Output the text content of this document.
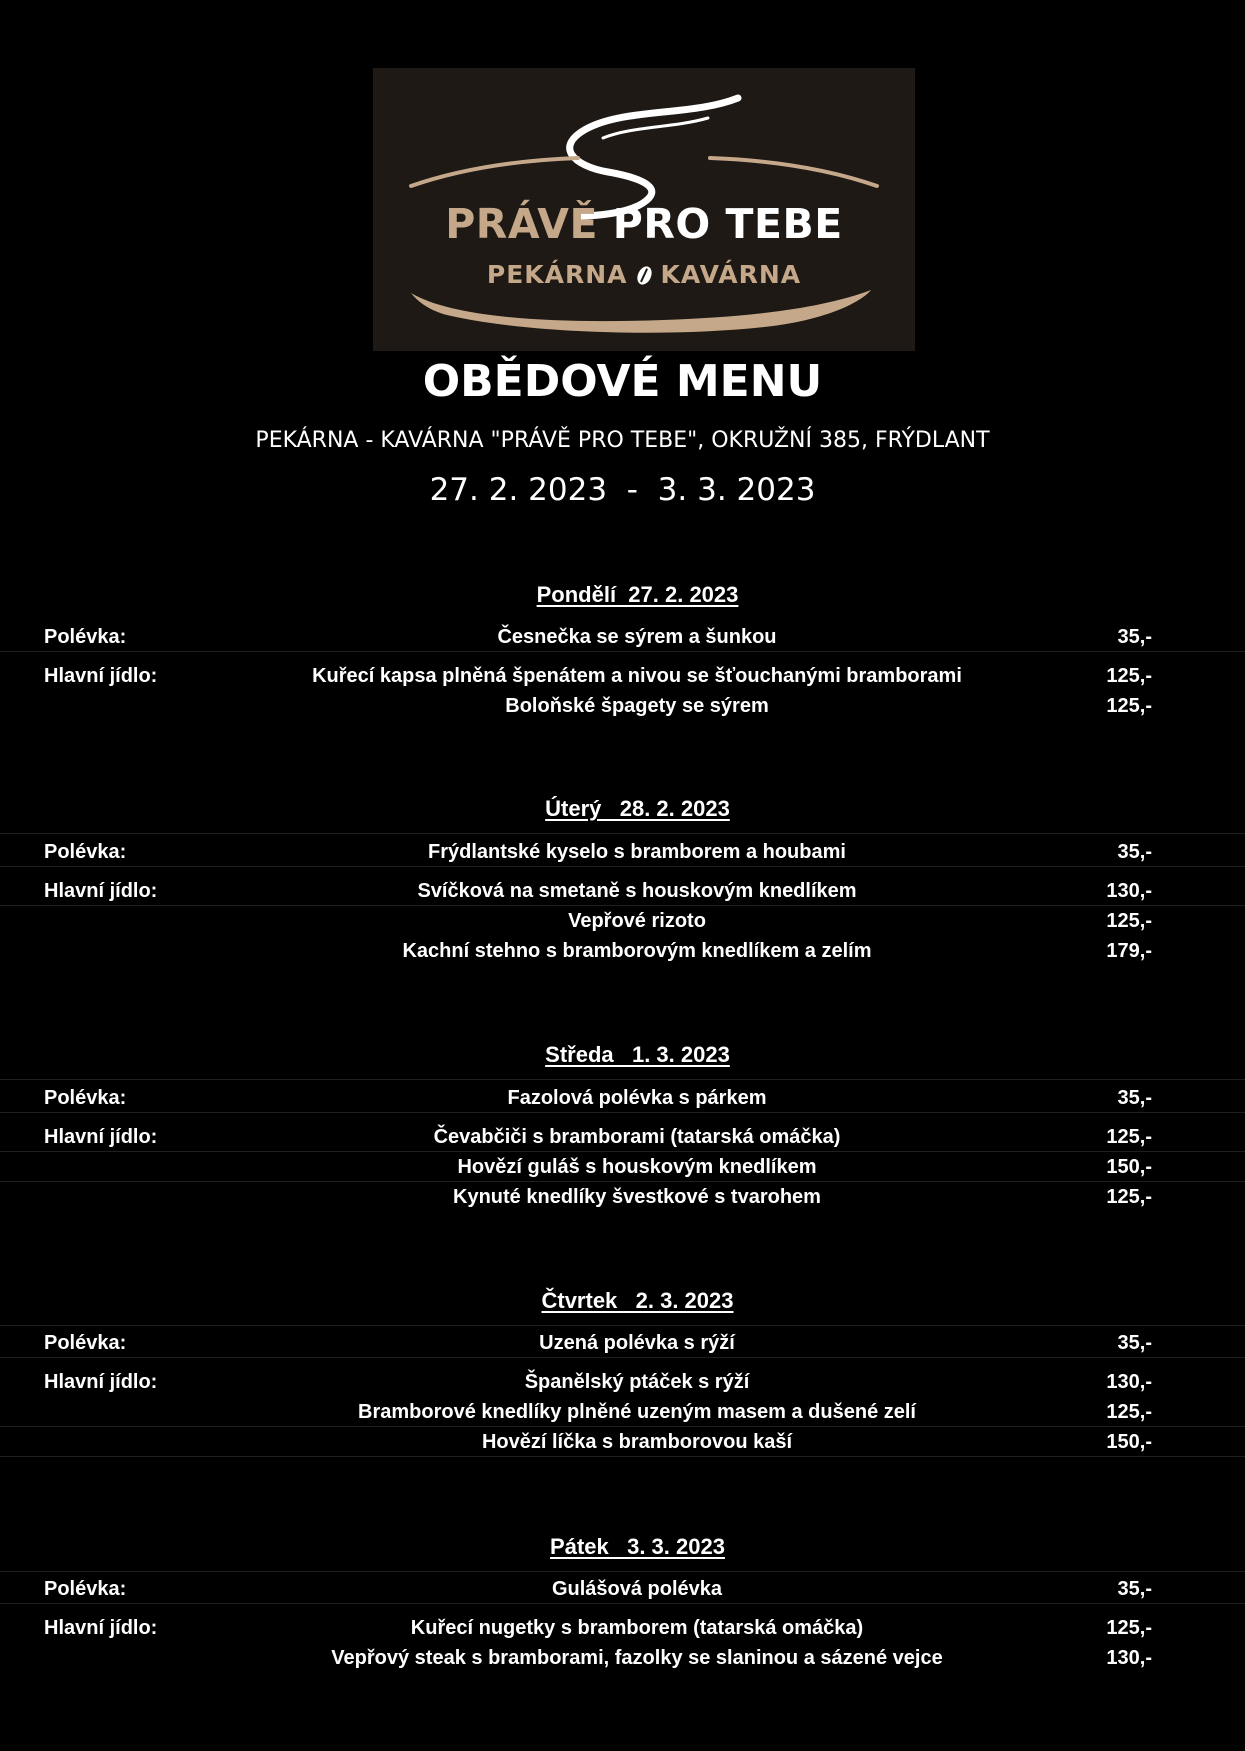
PRÁVĚ PRO TEBE
PEKÁRNA KAVÁRNA
OBĚDOVÉ MENU
PEKÁRNA - KAVÁRNA "PRÁVĚ PRO TEBE", OKRUŽNÍ 385, FRÝDLANT
27. 2. 2023  -  3. 3. 2023
Pondělí  27. 2. 2023
Polévka:	Česnečka se sýrem a šunkou	35,-
Hlavní jídlo:	Kuřecí kapsa plněná špenátem a nivou se šťouchanými bramborami	125,-
Boloňské špagety se sýrem	125,-
Úterý   28. 2. 2023
Polévka:	Frýdlantské kyselo s bramborem a houbami	35,-
Hlavní jídlo:	Svíčková na smetaně s houskovým knedlíkem	130,-
Vepřové rizoto	125,-
Kachní stehno s bramborovým knedlíkem a zelím	179,-
Středa   1. 3. 2023
Polévka:	Fazolová polévka s párkem	35,-
Hlavní jídlo:	Čevabčiči s bramborami (tatarská omáčka)	125,-
Hovězí guláš s houskovým knedlíkem	150,-
Kynuté knedlíky švestkové s tvarohem	125,-
Čtvrtek   2. 3. 2023
Polévka:	Uzená polévka s rýží	35,-
Hlavní jídlo:	Španělský ptáček s rýží	130,-
Bramborové knedlíky plněné uzeným masem a dušené zelí	125,-
Hovězí líčka s bramborovou kaší	150,-
Pátek   3. 3. 2023
Polévka:	Gulášová polévka	35,-
Hlavní jídlo:	Kuřecí nugetky s bramborem (tatarská omáčka)	125,-
Vepřový steak s bramborami, fazolky se slaninou a sázené vejce	130,-
